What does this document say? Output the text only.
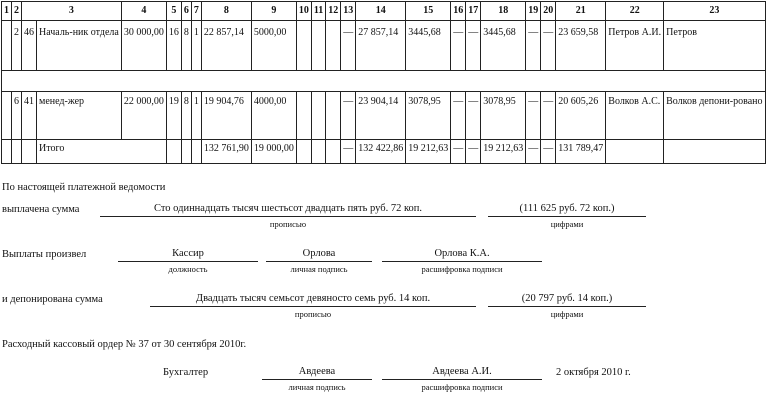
1	2	3		4	5	6	7	8	9	10	11	12	13	14	15	16	17	18	19	20	21	22	23
	2	46	Началь-ник отдела	30 000,00	16	8	1	22 857,14	5000,00				—	27 857,14	3445,68	—	—	3445,68	—	—	23 659,58	Петров А.И.	Петров

	6	41	менед-жер	22 000,00	19	8	1	19 904,76	4000,00				—	23 904,14	3078,95	—	—	3078,95	—	—	20 605,26	Волков А.С.	Волков депони-ровано
			Итого					132 761,90	19 000,00				—	132 422,86	19 212,63	—	—	19 212,63	—	—	131 789,47		
По настоящей платежной ведомости
выплачена сумма	Сто одиннадцать тысяч шестьсот двадцать пять руб. 72 коп.	(111 625 руб. 72 коп.)
прописью	цифрами
Выплаты произвел	Кассир	Орлова	Орлова К.А.
должность	личная подпись	расшифровка подписи
и депонирована сумма	Двадцать тысяч семьсот девяносто семь руб. 14 коп.	(20 797 руб. 14 коп.)
прописью	цифрами
Расходный кассовый ордер № 37 от 30 сентября 2010г.
Бухгалтер	Авдеева	Авдеева А.И.	2 октября 2010 г.
личная подпись	расшифровка подписи
